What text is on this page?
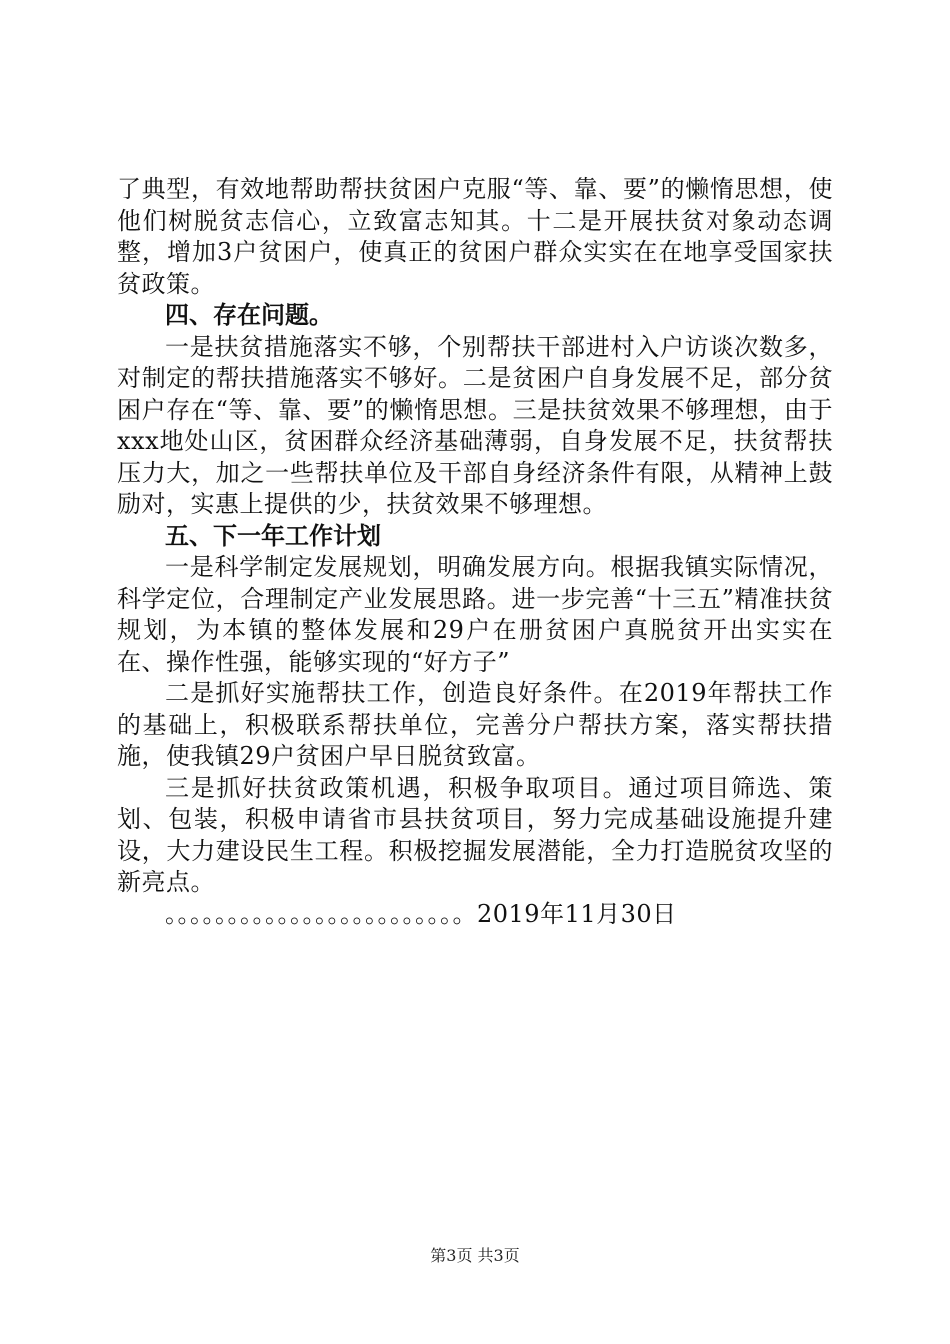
了典型，有效地帮助帮扶贫困户克服“等、靠、要”的懒惰思想，使他们树脱贫志信心，立致富志知其。十二是开展扶贫对象动态调整，增加3户贫困户，使真正的贫困户群众实实在在地享受国家扶贫政策。

四、存在问题。

一是扶贫措施落实不够，个别帮扶干部进村入户访谈次数多，对制定的帮扶措施落实不够好。二是贫困户自身发展不足，部分贫困户存在“等、靠、要”的懒惰思想。三是扶贫效果不够理想，由于xxx地处山区，贫困群众经济基础薄弱，自身发展不足，扶贫帮扶压力大，加之一些帮扶单位及干部自身经济条件有限，从精神上鼓励对，实惠上提供的少，扶贫效果不够理想。

五、下一年工作计划

一是科学制定发展规划，明确发展方向。根据我镇实际情况，科学定位，合理制定产业发展思路。进一步完善“十三五”精准扶贫规划，为本镇的整体发展和29户在册贫困户真脱贫开出实实在在、操作性强，能够实现的“好方子”

二是抓好实施帮扶工作，创造良好条件。在2019年帮扶工作的基础上，积极联系帮扶单位，完善分户帮扶方案，落实帮扶措施，使我镇29户贫困户早日脱贫致富。

三是抓好扶贫政策机遇，积极争取项目。通过项目筛选、策划、包装，积极申请省市县扶贫项目，努力完成基础设施提升建设，大力建设民生工程。积极挖掘发展潜能，全力打造脱贫攻坚的新亮点。

。。。。。。。。。。。。。。。。。。。。。。。。2019年11月30日

第3页 共3页
